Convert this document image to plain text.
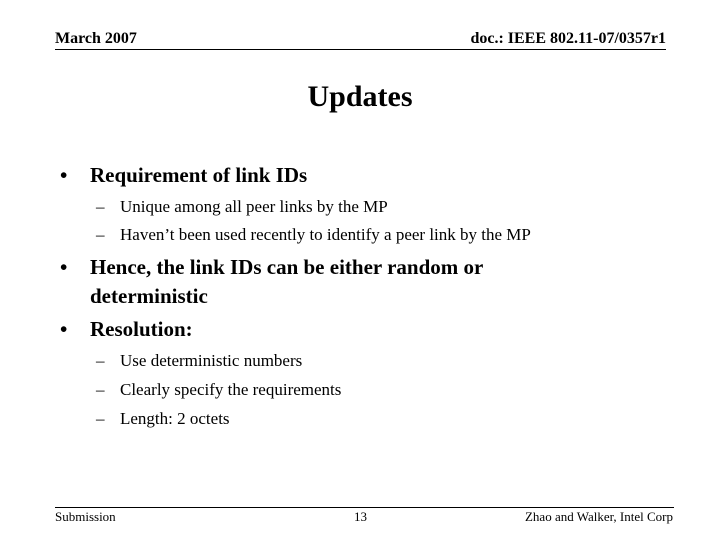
March 2007	doc.: IEEE 802.11-07/0357r1
Updates
• Requirement of link IDs
– Unique among all peer links by the MP
– Haven’t been used recently to identify a peer link by the MP
• Hence, the link IDs can be either random or
deterministic
• Resolution:
– Use deterministic numbers
– Clearly specify the requirements
– Length: 2 octets
Submission	13	Zhao and Walker, Intel Corp
